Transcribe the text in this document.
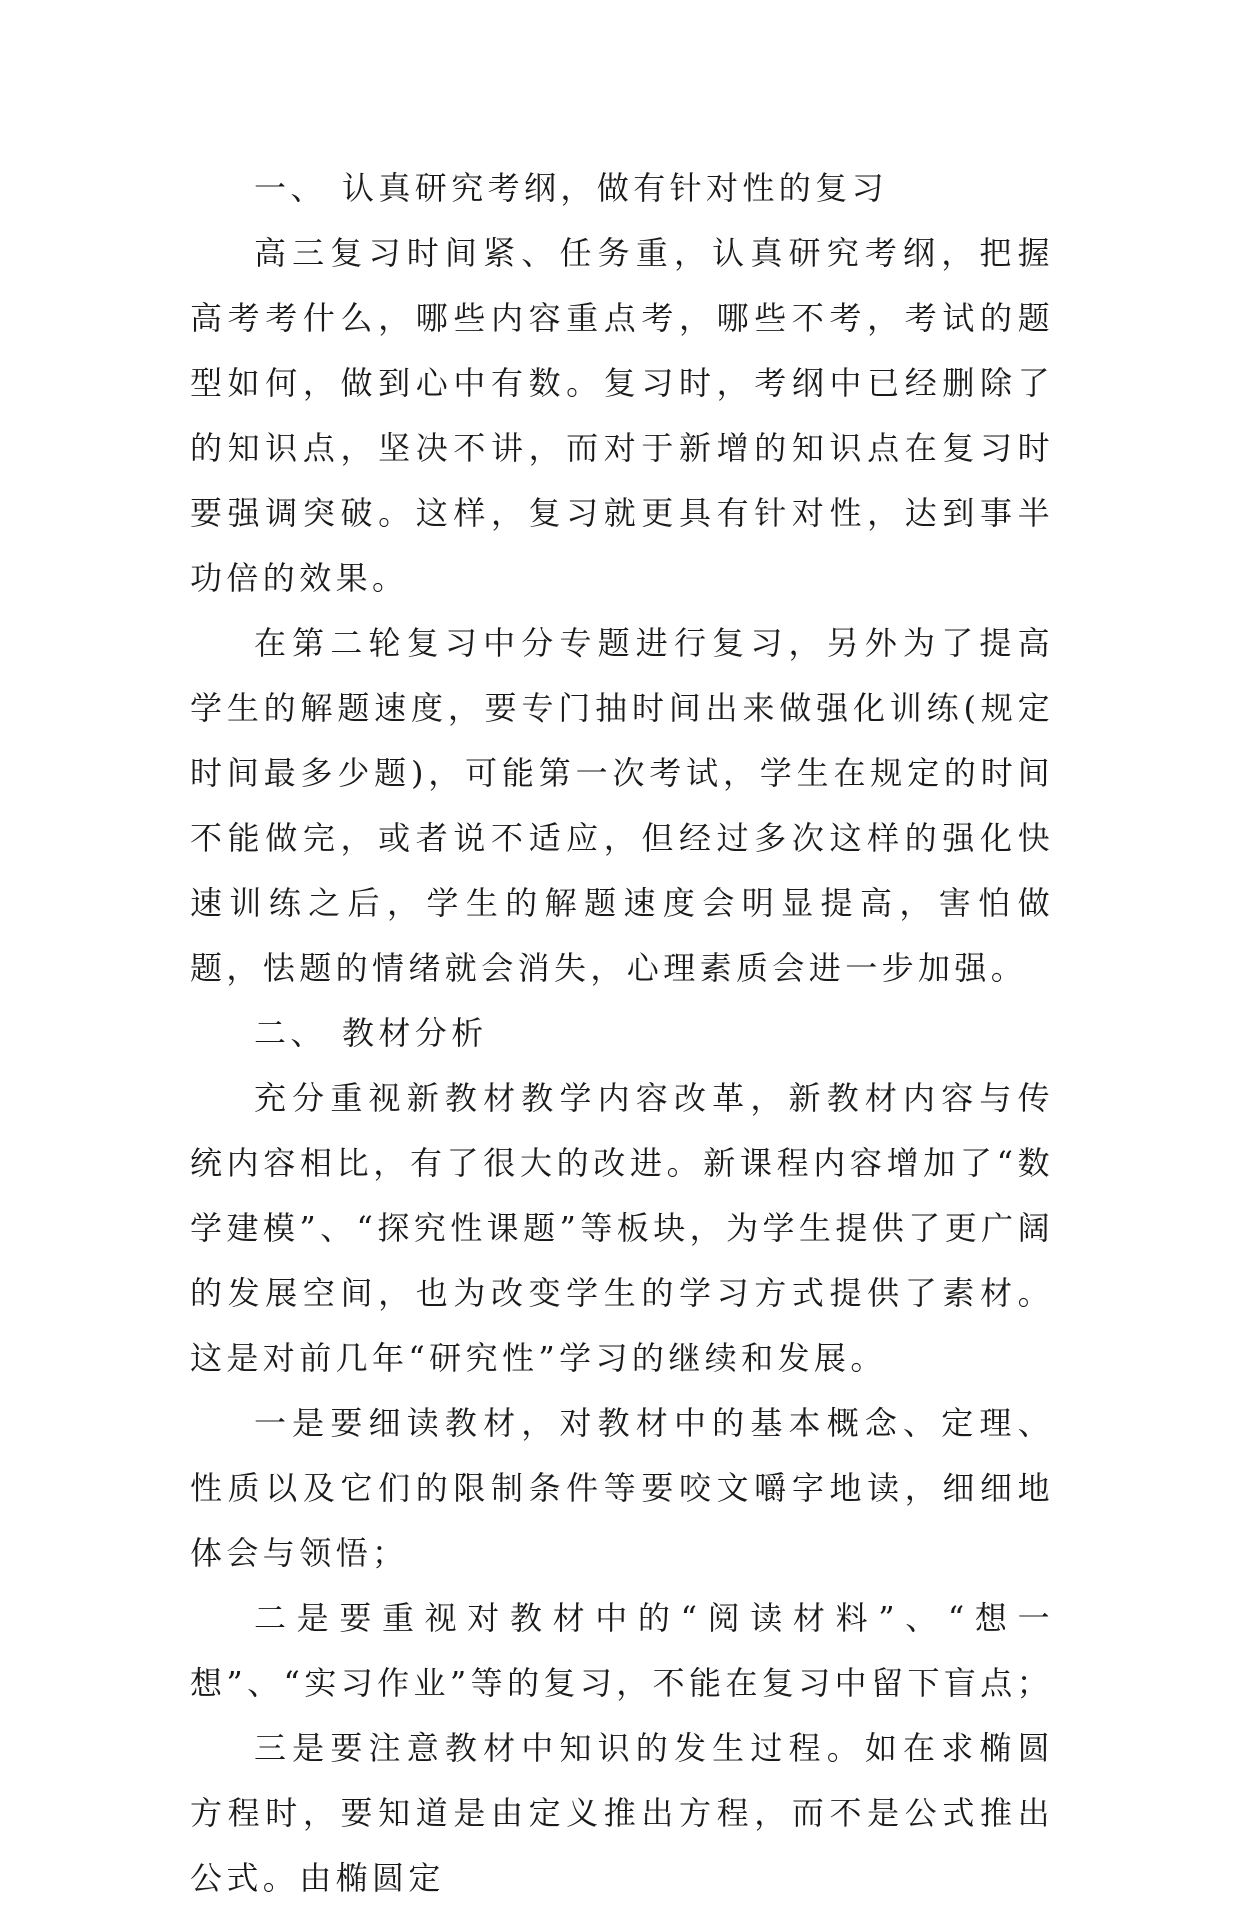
一、 认真研究考纲，做有针对性的复习

高三复习时间紧、任务重，认真研究考纲，把握高考考什么，哪些内容重点考，哪些不考，考试的题型如何，做到心中有数。复习时，考纲中已经删除了的知识点，坚决不讲，而对于新增的知识点在复习时要强调突破。这样，复习就更具有针对性，达到事半功倍的效果。

在第二轮复习中分专题进行复习，另外为了提高学生的解题速度，要专门抽时间出来做强化训练(规定时间最多少题)，可能第一次考试，学生在规定的时间不能做完，或者说不适应，但经过多次这样的强化快速训练之后，学生的解题速度会明显提高，害怕做题，怯题的情绪就会消失，心理素质会进一步加强。

二、 教材分析

充分重视新教材教学内容改革，新教材内容与传统内容相比，有了很大的改进。新课程内容增加了“数学建模”、“探究性课题”等板块，为学生提供了更广阔的发展空间，也为改变学生的学习方式提供了素材。这是对前几年“研究性”学习的继续和发展。

一是要细读教材，对教材中的基本概念、定理、性质以及它们的限制条件等要咬文嚼字地读，细细地体会与领悟；

二是要重视对教材中的“阅读材料”、“想一想”、“实习作业”等的复习，不能在复习中留下盲点；

三是要注意教材中知识的发生过程。如在求椭圆方程时，要知道是由定义推出方程，而不是公式推出公式。由椭圆定
